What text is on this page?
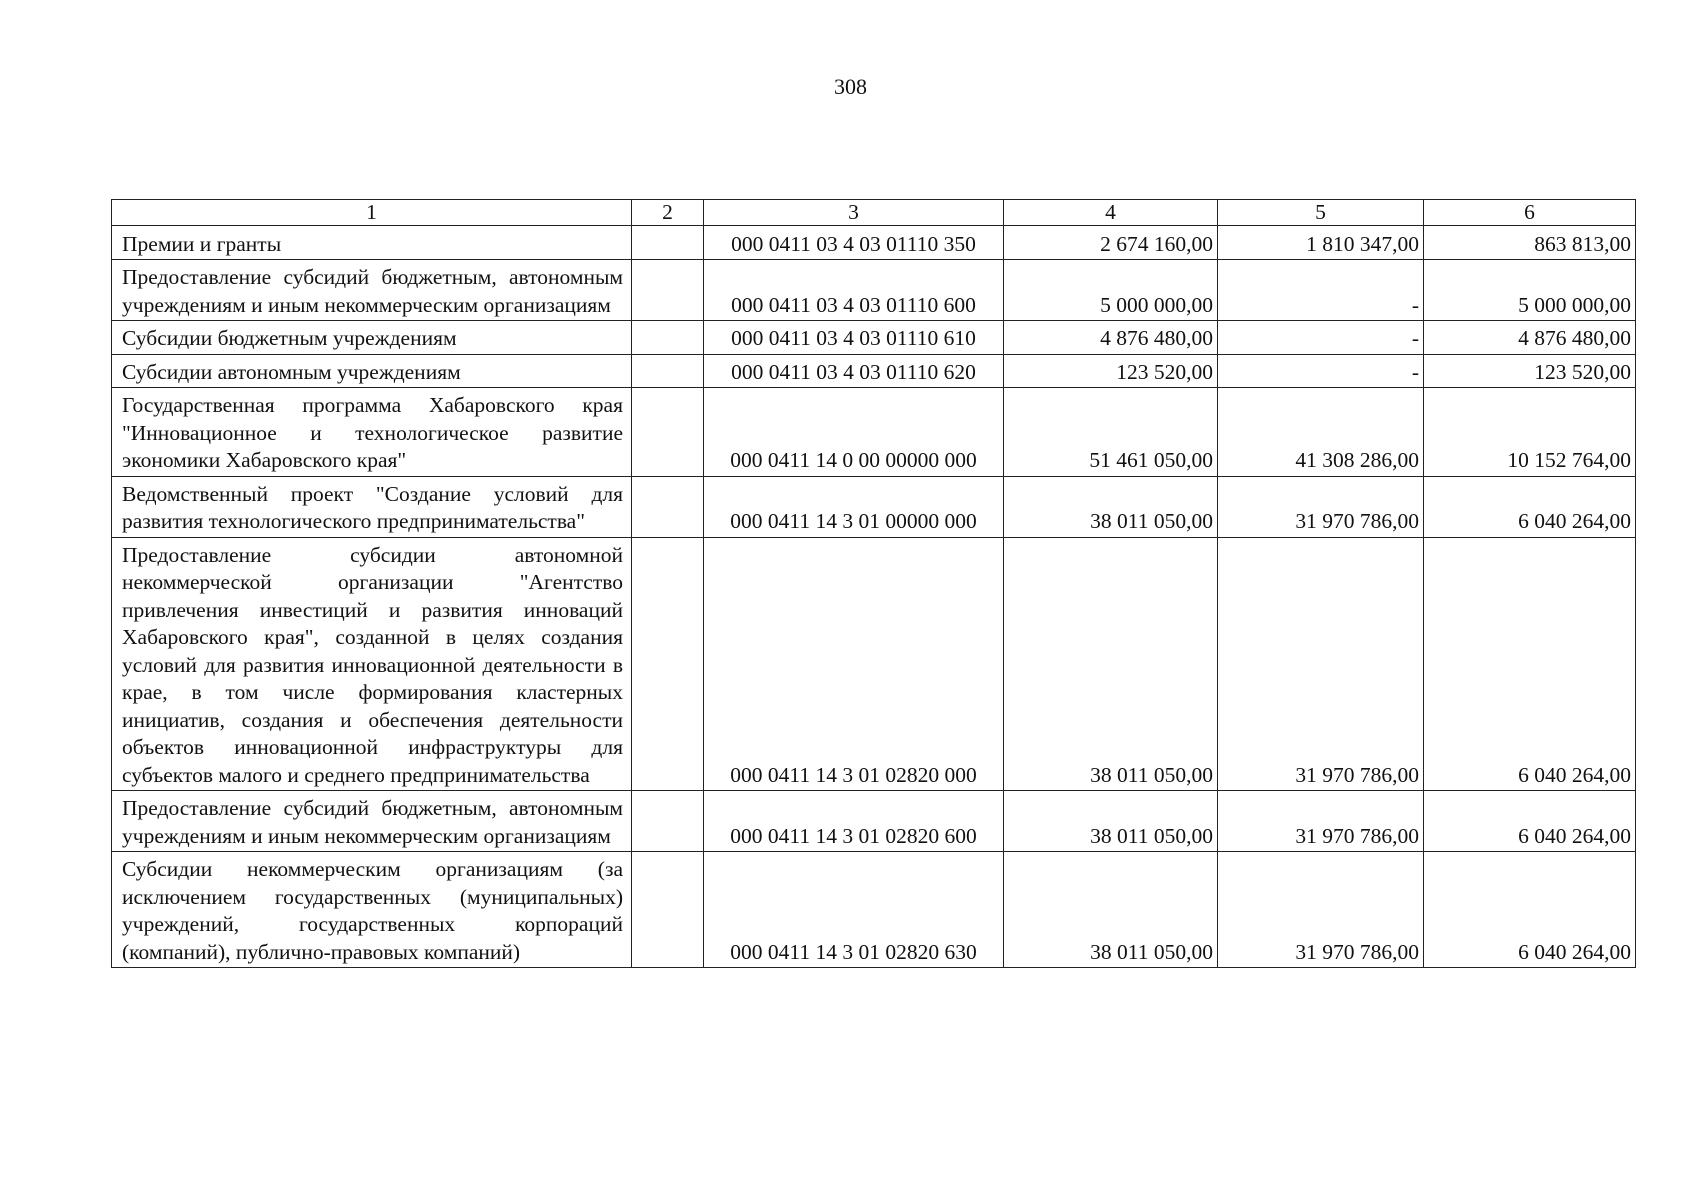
308
1	2	3	4	5	6
Премии и гранты		000 0411 03 4 03 01110 350	2 674 160,00	1 810 347,00	863 813,00
Предоставление субсидий бюджетным, автономным учреждениям и иным некоммерческим организациям		000 0411 03 4 03 01110 600	5 000 000,00	-	5 000 000,00
Субсидии бюджетным учреждениям		000 0411 03 4 03 01110 610	4 876 480,00	-	4 876 480,00
Субсидии автономным учреждениям		000 0411 03 4 03 01110 620	123 520,00	-	123 520,00
Государственная программа Хабаровского края "Инновационное и технологическое развитие экономики Хабаровского края"		000 0411 14 0 00 00000 000	51 461 050,00	41 308 286,00	10 152 764,00
Ведомственный проект "Создание условий для развития технологического предпринимательства"		000 0411 14 3 01 00000 000	38 011 050,00	31 970 786,00	6 040 264,00
Предоставление субсидии автономной некоммерческой организации "Агентство привлечения инвестиций и развития инноваций Хабаровского края", созданной в целях создания условий для развития инновационной деятельности в крае, в том числе формирования кластерных инициатив, создания и обеспечения деятельности объектов инновационной инфраструктуры для субъектов малого и среднего предпринимательства		000 0411 14 3 01 02820 000	38 011 050,00	31 970 786,00	6 040 264,00
Предоставление субсидий бюджетным, автономным учреждениям и иным некоммерческим организациям		000 0411 14 3 01 02820 600	38 011 050,00	31 970 786,00	6 040 264,00
Субсидии некоммерческим организациям (за исключением государственных (муниципальных) учреждений, государственных корпораций (компаний), публично-правовых компаний)		000 0411 14 3 01 02820 630	38 011 050,00	31 970 786,00	6 040 264,00
